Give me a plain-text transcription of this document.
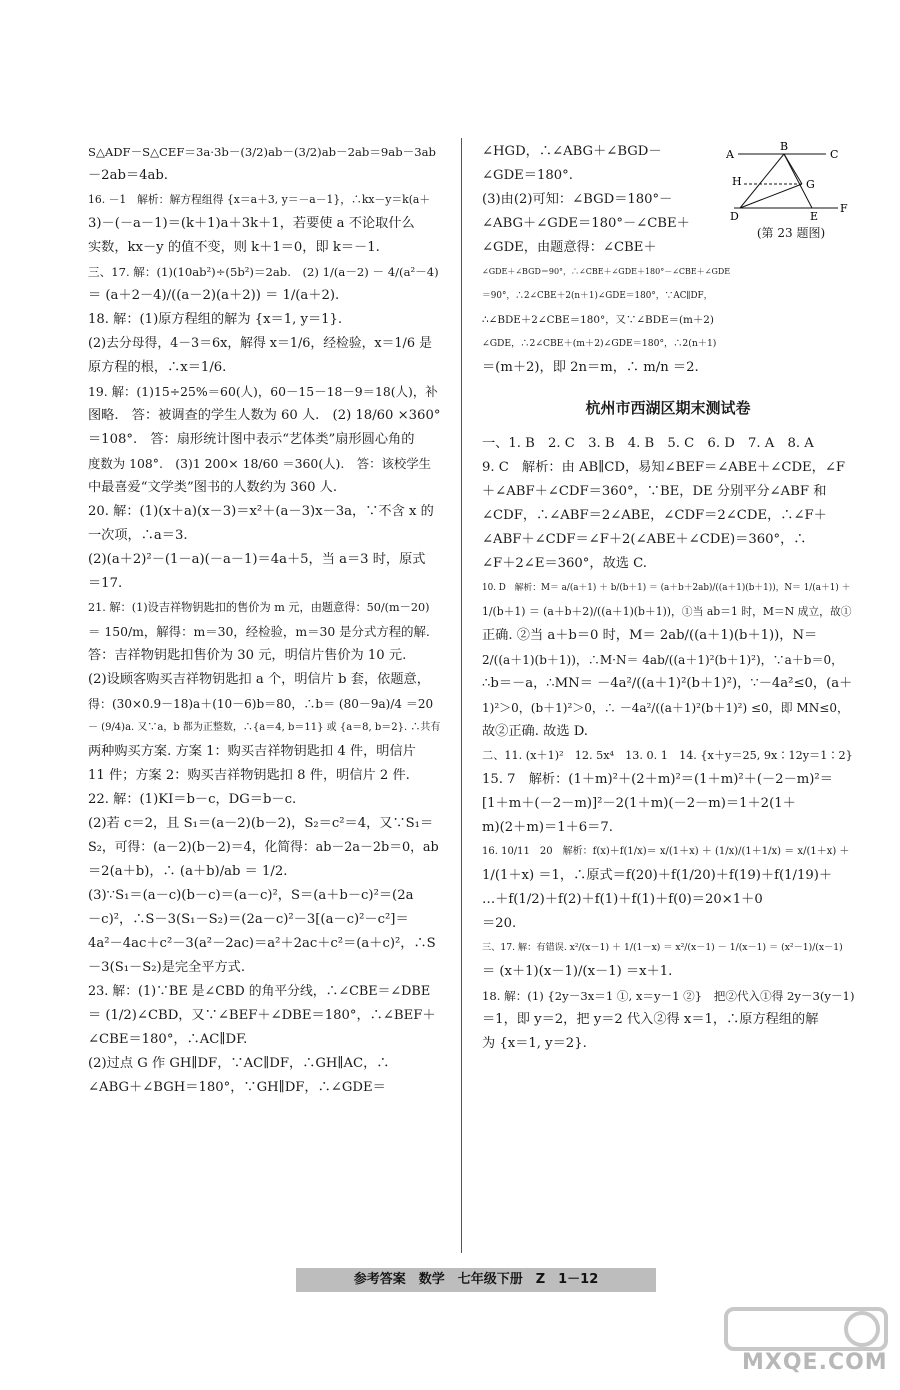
S△ADF－S△CEF＝3a·3b－(3/2)ab－(3/2)ab－2ab＝9ab－3ab
－2ab＝4ab.
16. －1　解析：解方程组得 {x＝a＋3, y＝－a－1}，∴kx－y＝k(a＋
3)－(－a－1)＝(k＋1)a＋3k＋1，若要使 a 不论取什么
实数，kx－y 的值不变，则 k＋1＝0，即 k＝－1.
三、17. 解：(1)(10ab²)÷(5b²)＝2ab.　(2) 1/(a－2) － 4/(a²－4)
＝ (a＋2－4)/((a－2)(a＋2)) ＝ 1/(a＋2).
18. 解：(1)原方程组的解为 {x＝1, y＝1}.
(2)去分母得，4－3＝6x，解得 x＝1/6，经检验，x＝1/6 是
原方程的根，∴x＝1/6.
19. 解：(1)15÷25%＝60(人)，60－15－18－9＝18(人)，补
图略.　答：被调查的学生人数为 60 人.　(2) 18/60 ×360°
＝108°.　答：扇形统计图中表示“艺体类”扇形圆心角的
度数为 108°.　(3)1 200× 18/60 ＝360(人).　答：该校学生
中最喜爱“文学类”图书的人数约为 360 人.
20. 解：(1)(x＋a)(x－3)＝x²＋(a－3)x－3a，∵不含 x 的
一次项，∴a＝3.
(2)(a＋2)²－(1－a)(－a－1)＝4a＋5，当 a＝3 时，原式
＝17.
21. 解：(1)设吉祥物钥匙扣的售价为 m 元，由题意得：50/(m－20)
＝ 150/m，解得：m＝30，经检验，m＝30 是分式方程的解.
答：吉祥物钥匙扣售价为 30 元，明信片售价为 10 元.
(2)设顾客购买吉祥物钥匙扣 a 个，明信片 b 套，依题意，
得：(30×0.9－18)a＋(10－6)b＝80，∴b＝ (80－9a)/4 ＝20
－ (9/4)a. 又∵a，b 都为正整数，∴{a＝4, b＝11} 或 {a＝8, b＝2}. ∴共有
两种购买方案. 方案 1：购买吉祥物钥匙扣 4 件，明信片
11 件；方案 2：购买吉祥物钥匙扣 8 件，明信片 2 件.
22. 解：(1)KI＝b－c，DG＝b－c.
(2)若 c＝2，且 S₁＝(a－2)(b－2)，S₂＝c²＝4，又∵S₁＝
S₂，可得：(a－2)(b－2)＝4，化简得：ab－2a－2b＝0，ab
＝2(a＋b)，∴ (a＋b)/ab ＝ 1/2.
(3)∵S₁＝(a－c)(b－c)＝(a－c)²，S＝(a＋b－c)²＝(2a
－c)²，∴S－3(S₁－S₂)＝(2a－c)²－3[(a－c)²－c²]＝
4a²－4ac＋c²－3(a²－2ac)＝a²＋2ac＋c²＝(a＋c)²，∴S
－3(S₁－S₂)是完全平方式.
23. 解：(1)∵BE 是∠CBD 的角平分线，∴∠CBE＝∠DBE
＝ (1/2)∠CBD，又∵∠BEF＋∠DBE＝180°，∴∠BEF＋
∠CBE＝180°，∴AC∥DF.
(2)过点 G 作 GH∥DF，∵AC∥DF，∴GH∥AC，∴
∠ABG＋∠BGH＝180°，∵GH∥DF，∴∠GDE＝
∠HGD，∴∠ABG＋∠BGD－
∠GDE＝180°.
(3)由(2)可知：∠BGD＝180°－
∠ABG＋∠GDE＝180°－∠CBE＋
∠GDE，由题意得：∠CBE＋
∠GDE＋∠BGD＝90°，∴∠CBE＋∠GDE＋180°－∠CBE＋∠GDE
＝90°，∴2∠CBE＋2(n＋1)∠GDE＝180°，∵AC∥DF，
∴∠BDE＋2∠CBE＝180°，又∵∠BDE＝(m＋2)
∠GDE，∴2∠CBE＋(m＋2)∠GDE＝180°，∴2(n＋1)
＝(m＋2)，即 2n＝m，∴ m/n ＝2.
杭州市西湖区期末测试卷
一、1. B　2. C　3. B　4. B　5. C　6. D　7. A　8. A
9. C　解析：由 AB∥CD，易知∠BEF＝∠ABE＋∠CDE，∠F
＋∠ABF＋∠CDF＝360°，∵BE，DE 分别平分∠ABF 和
∠CDF，∴∠ABF＝2∠ABE，∠CDF＝2∠CDE，∴∠F＋
∠ABF＋∠CDF＝∠F＋2(∠ABE＋∠CDE)＝360°，∴
∠F＋2∠E＝360°，故选 C.
10. D　解析：M＝ a/(a＋1) ＋ b/(b＋1) ＝ (a＋b＋2ab)/((a＋1)(b＋1))，N＝ 1/(a＋1) ＋
1/(b＋1) ＝ (a＋b＋2)/((a＋1)(b＋1))，①当 ab＝1 时，M＝N 成立，故①
正确. ②当 a＋b＝0 时，M＝ 2ab/((a＋1)(b＋1))，N＝
2/((a＋1)(b＋1))，∴M·N＝ 4ab/((a＋1)²(b＋1)²)，∵a＋b＝0，
∴b＝－a，∴MN＝ －4a²/((a＋1)²(b＋1)²)，∵－4a²≤0，(a＋
1)²＞0，(b＋1)²＞0，∴ －4a²/((a＋1)²(b＋1)²) ≤0，即 MN≤0，
故②正确. 故选 D.
二、11. (x＋1)²　12. 5x⁴　13. 0. 1　14. {x＋y＝25, 9x∶12y＝1∶2}
15. 7　解析：(1＋m)²＋(2＋m)²＝(1＋m)²＋(－2－m)²＝
[1＋m＋(－2－m)]²－2(1＋m)(－2－m)＝1＋2(1＋
m)(2＋m)＝1＋6＝7.
16. 10/11　20　解析：f(x)＋f(1/x)＝ x/(1＋x) ＋ (1/x)/(1＋1/x) ＝ x/(1＋x) ＋
1/(1＋x) ＝1，∴原式＝f(20)＋f(1/20)＋f(19)＋f(1/19)＋
…＋f(1/2)＋f(2)＋f(1)＋f(1)＋f(0)＝20×1＋0
＝20.
三、17. 解：有错误. x²/(x－1) ＋ 1/(1－x) ＝ x²/(x－1) － 1/(x－1) ＝ (x²－1)/(x－1)
＝ (x＋1)(x－1)/(x－1) ＝x＋1.
18. 解：(1) {2y－3x＝1 ①, x＝y－1 ②}　把②代入①得 2y－3(y－1)
＝1，即 y＝2，把 y＝2 代入②得 x＝1，∴原方程组的解
为 {x＝1, y＝2}.
A
B
C
H	G
D	E
F
(第 23 题图)
参考答案　数学　七年级下册　Z　1－12
MXQE.COM
